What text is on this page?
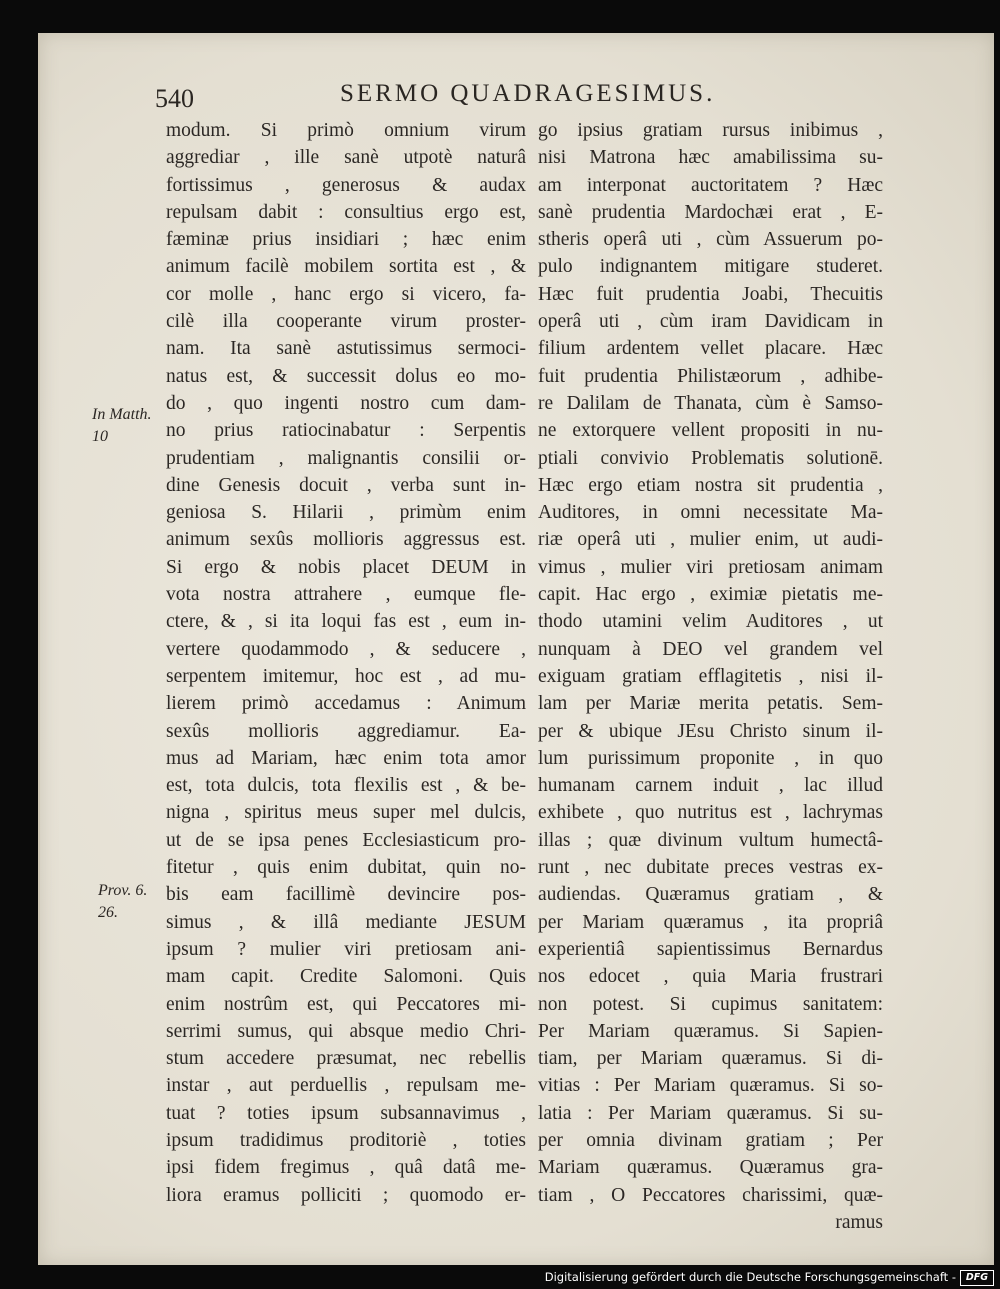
540	SERMO QUADRAGESIMUS.
In Matth.
10
Prov. 6.
26.
modum. Si primò omnium virum
aggrediar , ille sanè utpotè naturâ
fortissimus , generosus & audax
repulsam dabit : consultius ergo est,
fæminæ prius insidiari ; hæc enim
animum facilè mobilem sortita est , &
cor molle , hanc ergo si vicero, fa-
cilè illa cooperante virum proster-
nam. Ita sanè astutissimus sermoci-
natus est, & successit dolus eo mo-
do , quo ingenti nostro cum dam-
no prius ratiocinabatur : Serpentis
prudentiam , malignantis consilii or-
dine Genesis docuit , verba sunt in-
geniosa S. Hilarii , primùm enim
animum sexûs mollioris aggressus est.
Si ergo & nobis placet DEUM in
vota nostra attrahere , eumque fle-
ctere, & , si ita loqui fas est , eum in-
vertere quodammodo , & seducere ,
serpentem imitemur, hoc est , ad mu-
lierem primò accedamus : Animum
sexûs mollioris aggrediamur. Ea-
mus ad Mariam, hæc enim tota amor
est, tota dulcis, tota flexilis est , & be-
nigna , spiritus meus super mel dulcis,
ut de se ipsa penes Ecclesiasticum pro-
fitetur , quis enim dubitat, quin no-
bis eam facillimè devincire pos-
simus , & illâ mediante JESUM
ipsum ? mulier viri pretiosam ani-
mam capit. Credite Salomoni. Quis
enim nostrûm est, qui Peccatores mi-
serrimi sumus, qui absque medio Chri-
stum accedere præsumat, nec rebellis
instar , aut perduellis , repulsam me-
tuat ? toties ipsum subsannavimus ,
ipsum tradidimus proditoriè , toties
ipsi fidem fregimus , quâ datâ me-
liora eramus polliciti ; quomodo er-
go ipsius gratiam rursus inibimus ,
nisi Matrona hæc amabilissima su-
am interponat auctoritatem ? Hæc
sanè prudentia Mardochæi erat , E-
stheris operâ uti , cùm Assuerum po-
pulo indignantem mitigare studeret.
Hæc fuit prudentia Joabi, Thecuitis
operâ uti , cùm iram Davidicam in
filium ardentem vellet placare. Hæc
fuit prudentia Philistæorum , adhibe-
re Dalilam de Thanata, cùm è Samso-
ne extorquere vellent propositi in nu-
ptiali convivio Problematis solutionē.
Hæc ergo etiam nostra sit prudentia ,
Auditores, in omni necessitate Ma-
riæ operâ uti , mulier enim, ut audi-
vimus , mulier viri pretiosam animam
capit. Hac ergo , eximiæ pietatis me-
thodo utamini velim Auditores , ut
nunquam à DEO vel grandem vel
exiguam gratiam efflagitetis , nisi il-
lam per Mariæ merita petatis. Sem-
per & ubique JEsu Christo sinum il-
lum purissimum proponite , in quo
humanam carnem induit , lac illud
exhibete , quo nutritus est , lachrymas
illas ; quæ divinum vultum humectâ-
runt , nec dubitate preces vestras ex-
audiendas. Quæramus gratiam , &
per Mariam quæramus , ita propriâ
experientiâ sapientissimus Bernardus
nos edocet , quia Maria frustrari
non potest. Si cupimus sanitatem:
Per Mariam quæramus. Si Sapien-
tiam, per Mariam quæramus. Si di-
vitias : Per Mariam quæramus. Si so-
latia : Per Mariam quæramus. Si su-
per omnia divinam gratiam ; Per
Mariam quæramus. Quæramus gra-
tiam , O Peccatores charissimi, quæ-
ramus
Digitalisierung gefördert durch die Deutsche Forschungsgemeinschaft -	DFG
